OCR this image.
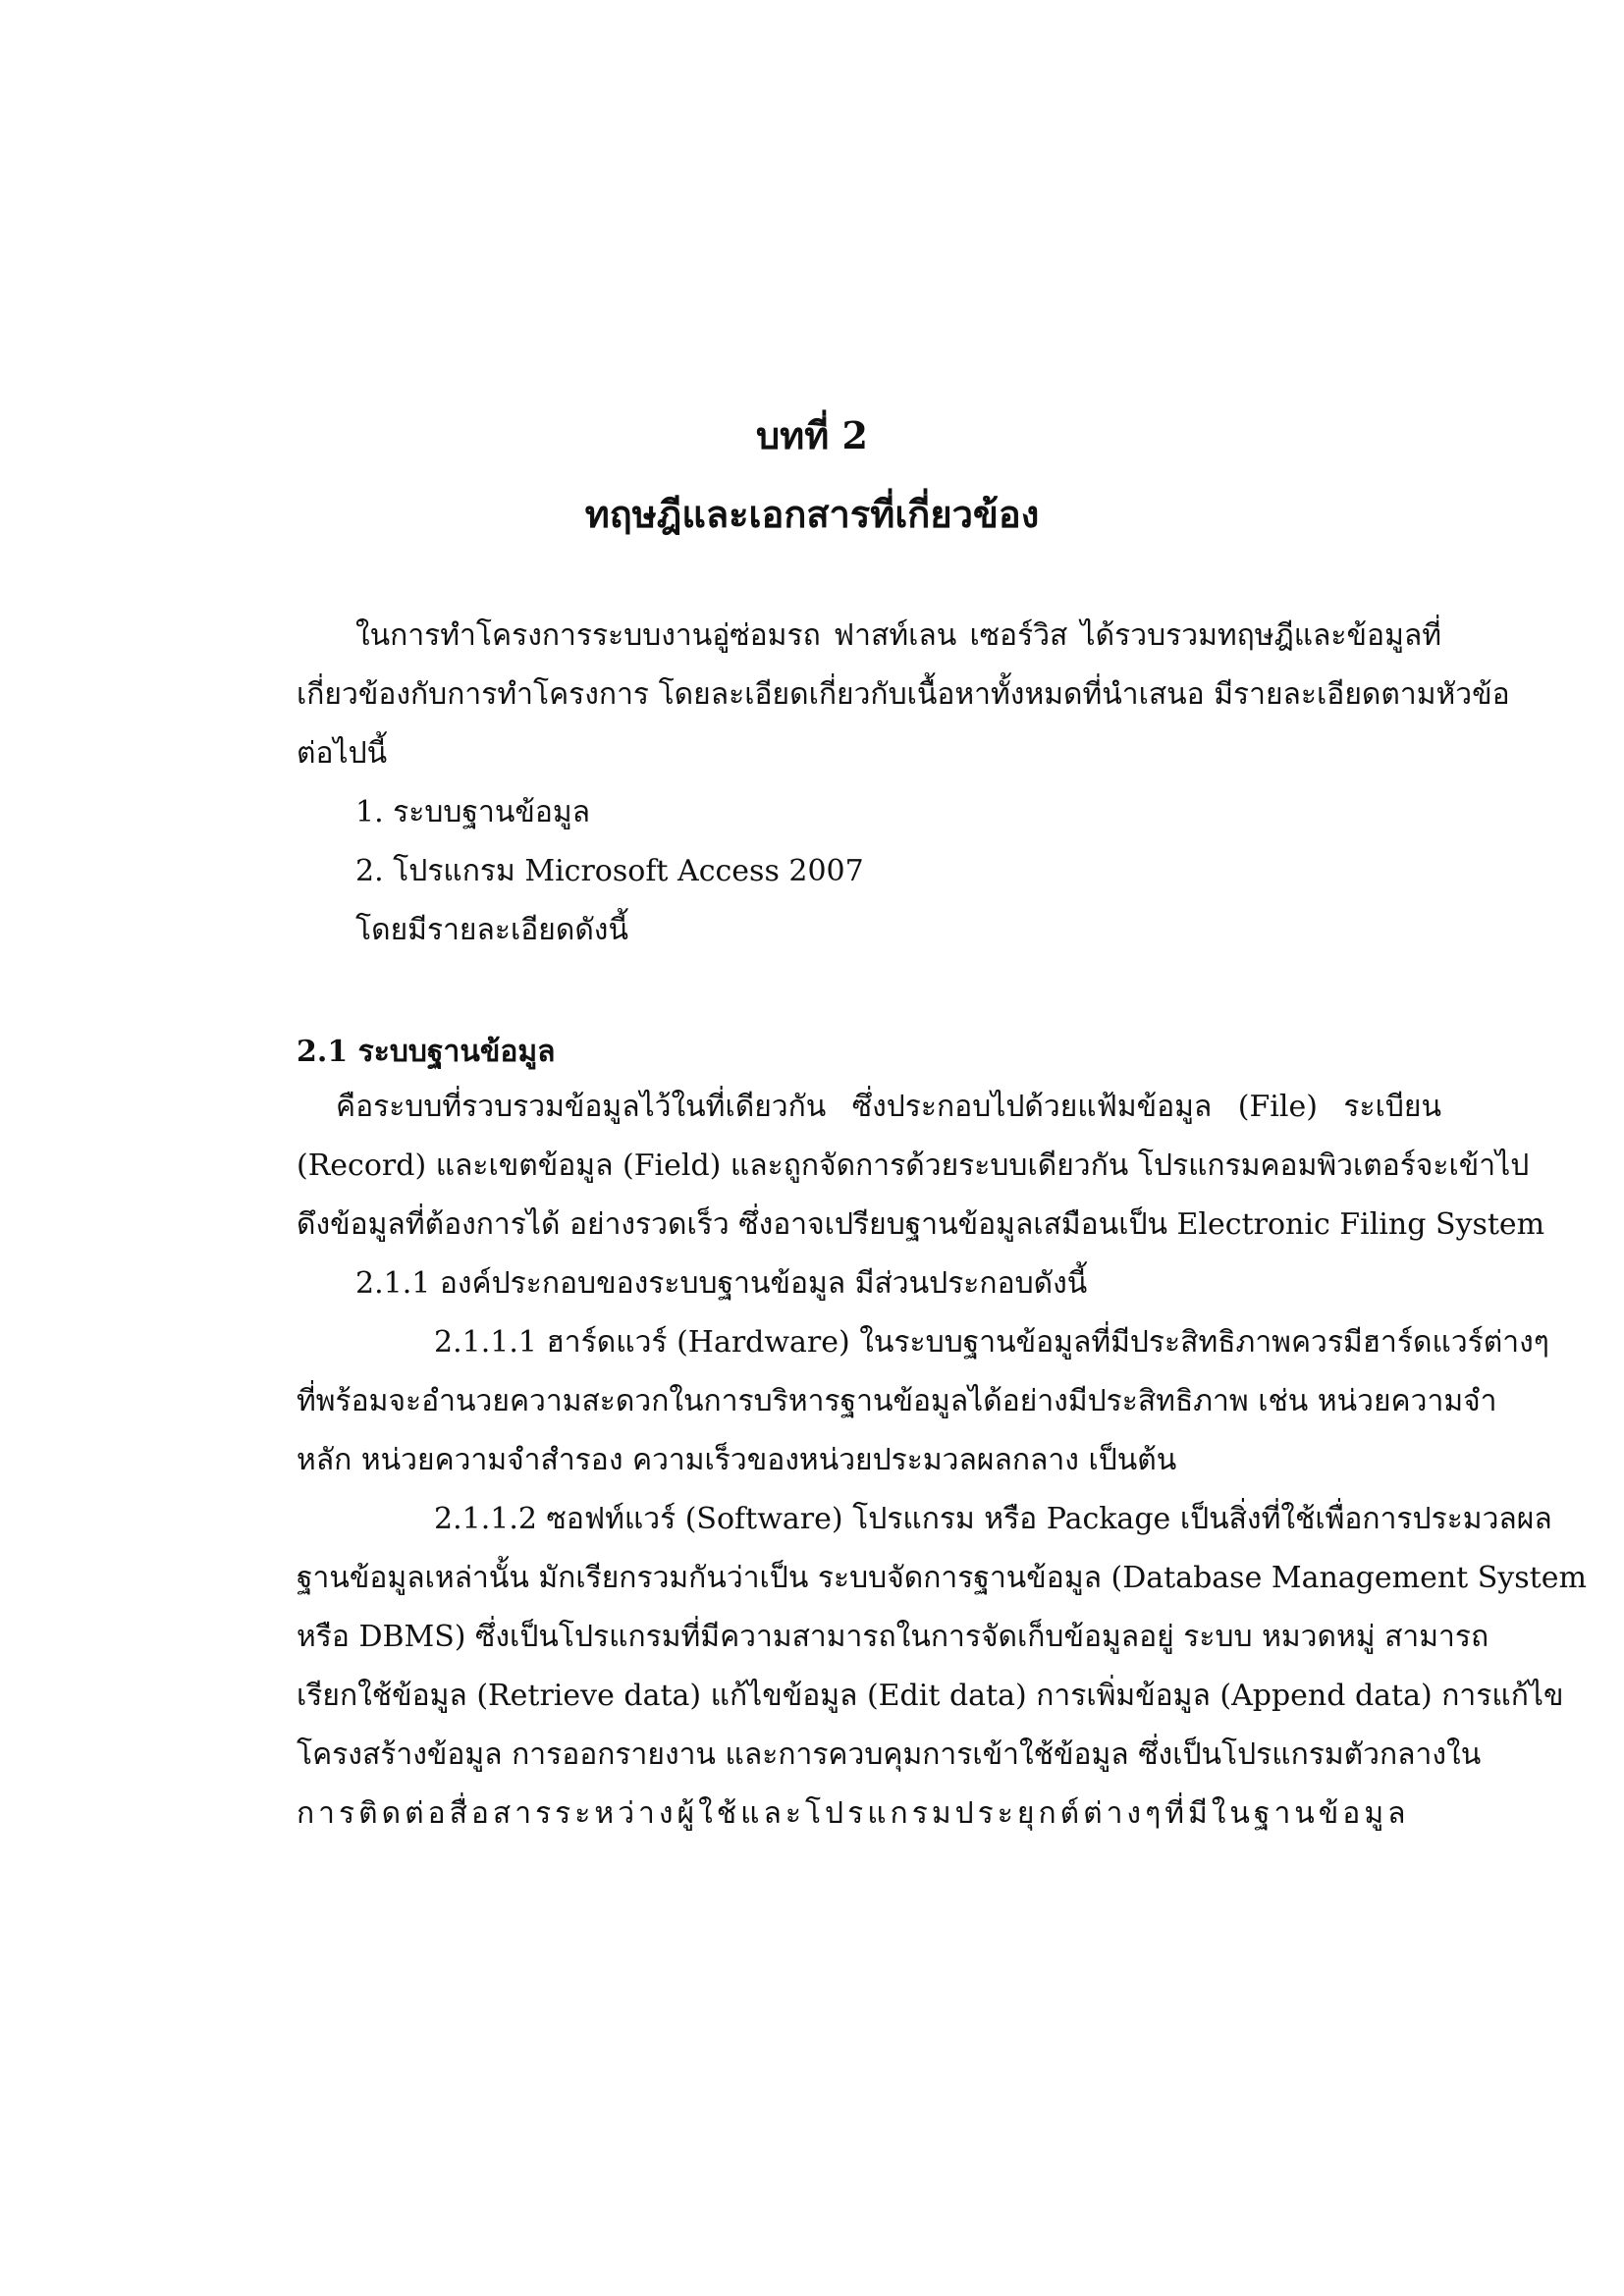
บทที่ 2
ทฤษฎีและเอกสารที่เกี่ยวข้อง
ในการทำโครงการระบบงานอู่ซ่อมรถ ฟาสท์เลน เซอร์วิส ได้รวบรวมทฤษฎีและข้อมูลที่
เกี่ยวข้องกับการทำโครงการ โดยละเอียดเกี่ยวกับเนื้อหาทั้งหมดที่นำเสนอ มีรายละเอียดตามหัวข้อ
ต่อไปนี้
1. ระบบฐานข้อมูล
2. โปรแกรม Microsoft Access 2007
โดยมีรายละเอียดดังนี้
2.1 ระบบฐานข้อมูล
คือระบบที่รวบรวมข้อมูลไว้ในที่เดียวกัน ซึ่งประกอบไปด้วยแฟ้มข้อมูล (File) ระเบียน
(Record) และเขตข้อมูล (Field) และถูกจัดการด้วยระบบเดียวกัน โปรแกรมคอมพิวเตอร์จะเข้าไป
ดึงข้อมูลที่ต้องการได้ อย่างรวดเร็ว ซึ่งอาจเปรียบฐานข้อมูลเสมือนเป็น Electronic Filing System
2.1.1 องค์ประกอบของระบบฐานข้อมูล มีส่วนประกอบดังนี้
2.1.1.1 ฮาร์ดแวร์ (Hardware) ในระบบฐานข้อมูลที่มีประสิทธิภาพควรมีฮาร์ดแวร์ต่างๆ
ที่พร้อมจะอำนวยความสะดวกในการบริหารฐานข้อมูลได้อย่างมีประสิทธิภาพ เช่น หน่วยความจำ
หลัก หน่วยความจำสำรอง ความเร็วของหน่วยประมวลผลกลาง เป็นต้น
2.1.1.2 ซอฟท์แวร์ (Software) โปรแกรม หรือ Package เป็นสิ่งที่ใช้เพื่อการประมวลผล
ฐานข้อมูลเหล่านั้น มักเรียกรวมกันว่าเป็น ระบบจัดการฐานข้อมูล (Database Management System
หรือ DBMS) ซึ่งเป็นโปรแกรมที่มีความสามารถในการจัดเก็บข้อมูลอยู่ ระบบ หมวดหมู่ สามารถ
เรียกใช้ข้อมูล (Retrieve data) แก้ไขข้อมูล (Edit data) การเพิ่มข้อมูล (Append data) การแก้ไข
โครงสร้างข้อมูล การออกรายงาน และการควบคุมการเข้าใช้ข้อมูล ซึ่งเป็นโปรแกรมตัวกลางใน
การติดต่อสื่อสารระหว่างผู้ใช้และโปรแกรมประยุกต์ต่างๆที่มีในฐานข้อมูล
